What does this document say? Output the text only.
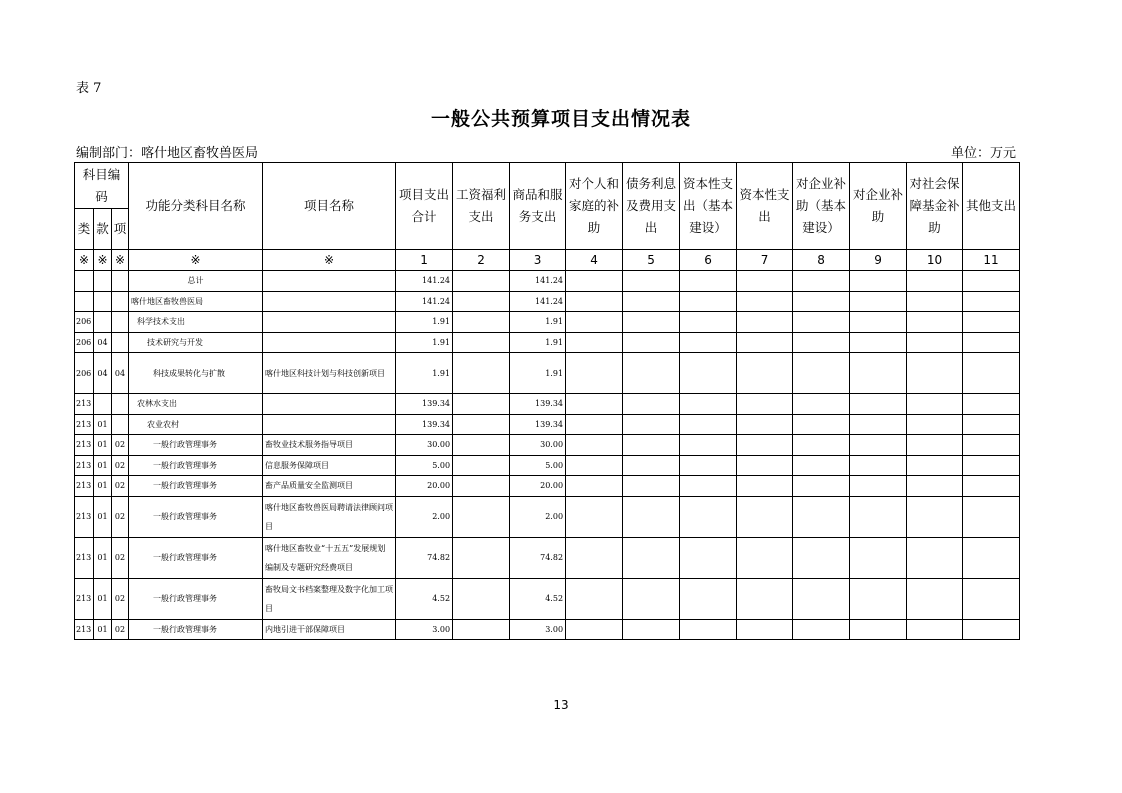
表 7
一般公共预算项目支出情况表
编制部门：喀什地区畜牧兽医局	单位：万元
科目编码			功能分类科目名称	项目名称	项目支出合计	工资福利支出	商品和服务支出	对个人和家庭的补助	债务利息及费用支出	资本性支出（基本建设）	资本性支出	对企业补助（基本建设）	对企业补助	对社会保障基金补助	其他支出
类	款	项													
※	※	※	※	※	1	2	3	4	5	6	7	8	9	10	11
			总计		141.24		141.24								
			喀什地区畜牧兽医局		141.24		141.24								
206			科学技术支出		1.91		1.91								
206	04		技术研究与开发		1.91		1.91								
206	04	04	科技成果转化与扩散	喀什地区科技计划与科技创新项目	1.91		1.91								
213			农林水支出		139.34		139.34								
213	01		农业农村		139.34		139.34								
213	01	02	一般行政管理事务	畜牧业技术服务指导项目	30.00		30.00								
213	01	02	一般行政管理事务	信息服务保障项目	5.00		5.00								
213	01	02	一般行政管理事务	畜产品质量安全监测项目	20.00		20.00								
213	01	02	一般行政管理事务	喀什地区畜牧兽医局聘请法律顾问项目	2.00		2.00								
213	01	02	一般行政管理事务	喀什地区畜牧业“十五五”发展规划编制及专题研究经费项目	74.82		74.82								
213	01	02	一般行政管理事务	畜牧局文书档案整理及数字化加工项目	4.52		4.52								
213	01	02	一般行政管理事务	内地引进干部保障项目	3.00		3.00								
13
